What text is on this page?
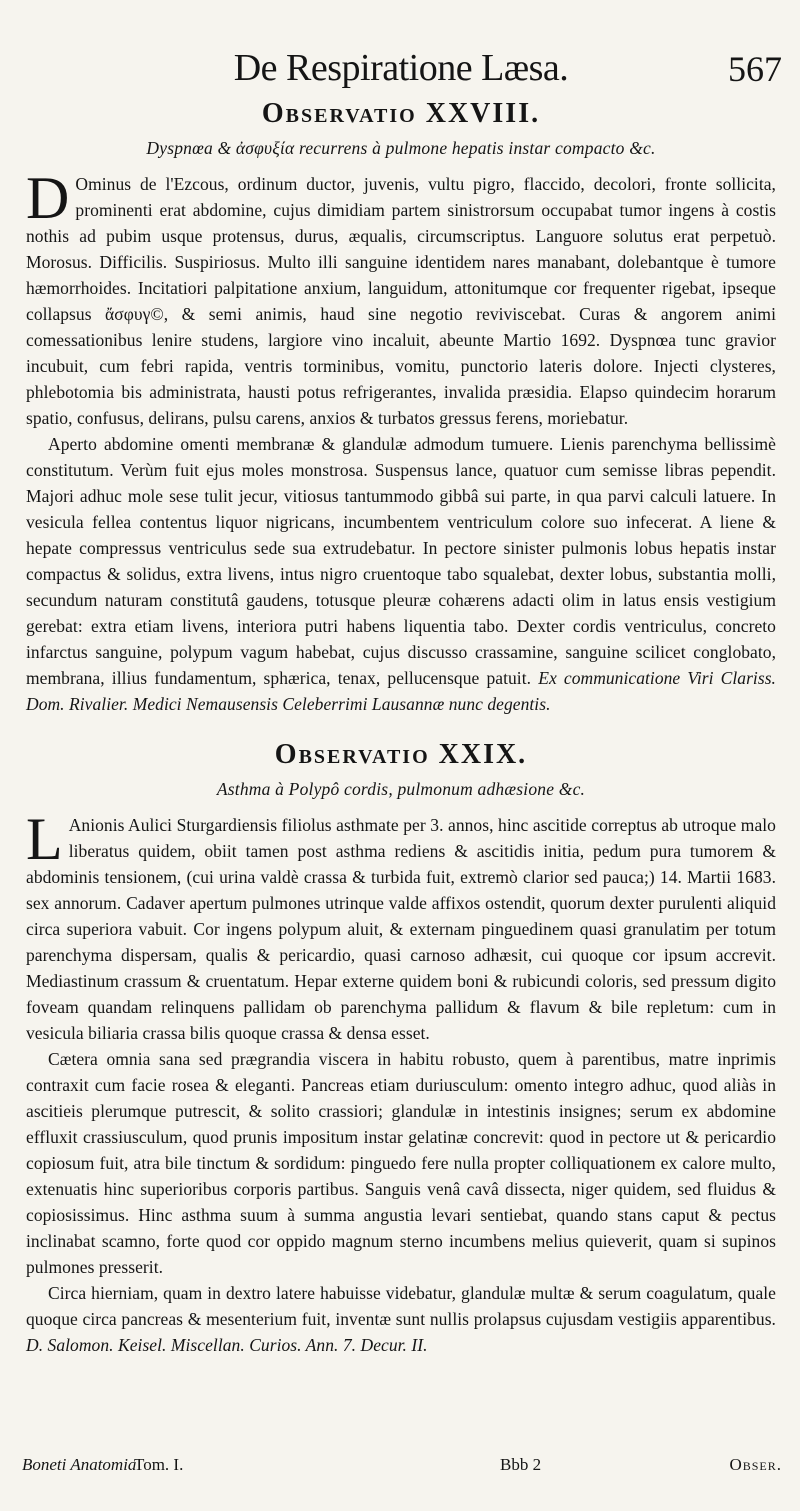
De Respiratione Læsa.	567
Observatio XXVIII.
Dyspnœa & ἀσφυξία recurrens à pulmone hepatis instar compacto &c.

D Ominus de l'Ezcous, ordinum ductor, juvenis, vultu pigro, flaccido, decolori, fronte sollicita, prominenti erat abdomine, cujus dimidiam partem sinistrorsum occupabat tumor ingens à costis nothis ad pubim usque protensus, durus, æqualis, circumscriptus. Languore solutus erat perpetuò. Morosus. Difficilis. Suspiriosus. Multo illi sanguine identidem nares manabant, dolebantque è tumore hæmorrhoides. Incitatiori palpitatione anxium, languidum, attonitumque cor frequenter rigebat, ipseque collapsus ἄσφυγ©, & semi animis, haud sine negotio reviviscebat. Curas & angorem animi comessationibus lenire studens, largiore vino incaluit, abeunte Martio 1692. Dyspnœa tunc gravior incubuit, cum febri rapida, ventris torminibus, vomitu, punctorio lateris dolore. Injecti clysteres, phlebotomia bis administrata, hausti potus refrigerantes, invalida præsidia. Elapso quindecim horarum spatio, confusus, delirans, pulsu carens, anxios & turbatos gressus ferens, moriebatur.

Aperto abdomine omenti membranæ & glandulæ admodum tumuere. Lienis parenchyma bellissimè constitutum. Verùm fuit ejus moles monstrosa. Suspensus lance, quatuor cum semisse libras pependit. Majori adhuc mole sese tulit jecur, vitiosus tantummodo gibbâ sui parte, in qua parvi calculi latuere. In vesicula fellea contentus liquor nigricans, incumbentem ventriculum colore suo infecerat. A liene & hepate compressus ventriculus sede sua extrudebatur. In pectore sinister pulmonis lobus hepatis instar compactus & solidus, extra livens, intus nigro cruentoque tabo squalebat, dexter lobus, substantia molli, secundum naturam constitutâ gaudens, totusque pleuræ cohærens adacti olim in latus ensis vestigium gerebat: extra etiam livens, interiora putri habens liquentia tabo. Dexter cordis ventriculus, concreto infarctus sanguine, polypum vagum habebat, cujus discusso crassamine, sanguine scilicet conglobato, membrana, illius fundamentum, sphærica, tenax, pellucensque patuit. Ex communicatione Viri Clariss. Dom. Rivalier. Medici Nemausensis Celeberrimi Lausannæ nunc degentis.

Observatio XXIX.
Asthma à Polypô cordis, pulmonum adhæsione &c.

L Anionis Aulici Sturgardiensis filiolus asthmate per 3. annos, hinc ascitide correptus ab utroque malo liberatus quidem, obiit tamen post asthma rediens & ascitidis initia, pedum pura tumorem & abdominis tensionem, (cui urina valdè crassa & turbida fuit, extremò clarior sed pauca;) 14. Martii 1683. sex annorum. Cadaver apertum pulmones utrinque valde affixos ostendit, quorum dexter purulenti aliquid circa superiora vabuit. Cor ingens polypum aluit, & externam pinguedinem quasi granulatim per totum parenchyma dispersam, qualis & pericardio, quasi carnoso adhæsit, cui quoque cor ipsum accrevit. Mediastinum crassum & cruentatum. Hepar externe quidem boni & rubicundi coloris, sed pressum digito foveam quandam relinquens pallidam ob parenchyma pallidum & flavum & bile repletum: cum in vesicula biliaria crassa bilis quoque crassa & densa esset.

Cætera omnia sana sed prægrandia viscera in habitu robusto, quem à parentibus, matre inprimis contraxit cum facie rosea & eleganti. Pancreas etiam duriusculum: omento integro adhuc, quod aliàs in ascitieis plerumque putrescit, & solito crassiori; glandulæ in intestinis insignes; serum ex abdomine effluxit crassiusculum, quod prunis impositum instar gelatinæ concrevit: quod in pectore ut & pericardio copiosum fuit, atra bile tinctum & sordidum: pinguedo fere nulla propter colliquationem ex calore multo, extenuatis hinc superioribus corporis partibus. Sanguis venâ cavâ dissecta, niger quidem, sed fluidus & copiosissimus. Hinc asthma suum à summa angustia levari sentiebat, quando stans caput & pectus inclinabat scamno, forte quod cor oppido magnum sterno incumbens melius quieverit, quam si supinos pulmones presserit.

Circa hierniam, quam in dextro latere habuisse videbatur, glandulæ multæ & serum coagulatum, quale quoque circa pancreas & mesenterium fuit, inventæ sunt nullis prolapsus cujusdam vestigiis apparentibus. D. Salomon. Keisel. Miscellan. Curios. Ann. 7. Decur. II.

Boneti Anatomia
Tom. I.	Bbb 2	Obser.
